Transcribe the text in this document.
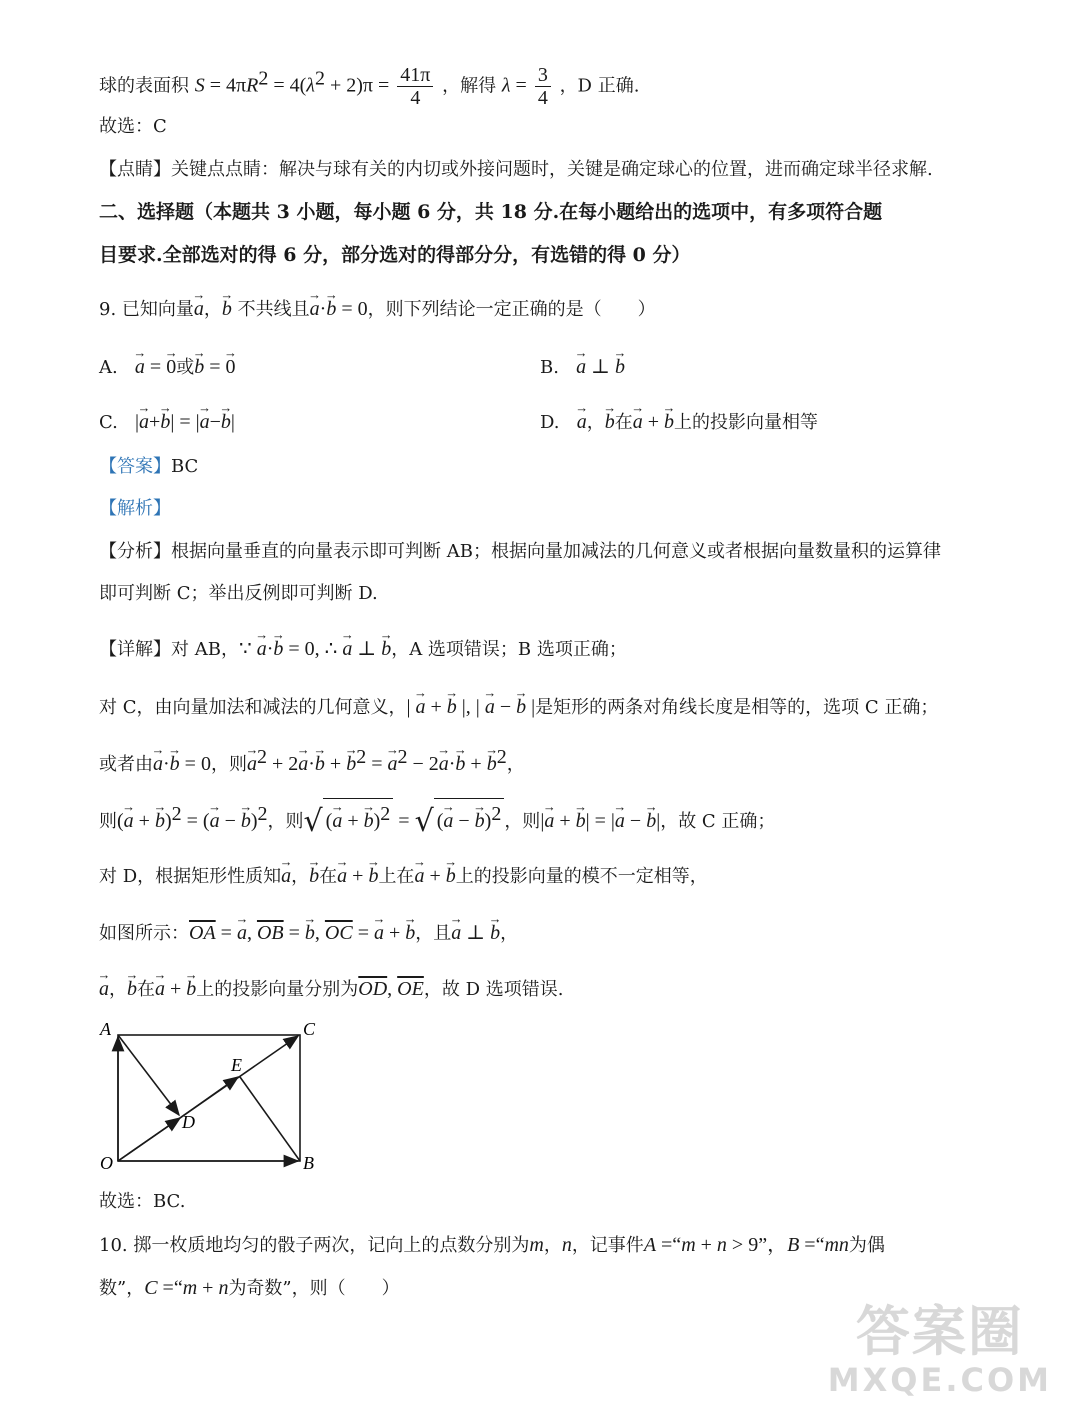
球的表面积 $S = 4\pi R^2 = 4(\lambda^2 + 2)\pi = \frac{41\pi}{4}$ ，解得 $\lambda = \frac{3}{4}$ ，D 正确.
故选：C
【点睛】关键点点睛：解决与球有关的内切或外接问题时，关键是确定球心的位置，进而确定球半径求解.
二、选择题（本题共 3 小题，每小题 6 分，共 18 分.在每小题给出的选项中，有多项符合题
目要求.全部选对的得 6 分，部分选对的得部分分，有选错的得 0 分）
9. 已知向量→ a，→ b 不共线且→ a·→ b = 0，则下列结论一定正确的是（　　）
A. → a = → 0或→ b = → 0	B. → a ⊥ → b
C. |→ a+→ b| = |→ a−→ b|	D. → a，→ b在→ a + → b上的投影向量相等
【答案】BC
【解析】
【分析】根据向量垂直的向量表示即可判断 AB；根据向量加减法的几何意义或者根据向量数量积的运算律
即可判断 C；举出反例即可判断 D.
【详解】对 AB，∵ → a·→ b = 0, ∴ → a ⊥ → b，A 选项错误；B 选项正确；
对 C，由向量加法和减法的几何意义，| → a + → b |, | → a − → b |是矩形的两条对角线长度是相等的，选项 C 正确；
或者由→ a·→ b = 0，则→ $a^2 + 2\to a\cdot\to b$ + → $b^2$ = → $a^2 - 2\to a\cdot\to b$ + → $b^2$，
则(→ a + → b)$^2$ = (→ a − → b)$^2$，则√ (→ a + → b)$^2$ = √ (→ a − → b)$^2$ ，则|→ a + → b| = |→ a − → b|，故 C 正确；
对 D，根据矩形性质知→ a，→ b在→ a + → b上在→ a + → b上的投影向量的模不一定相等，
如图所示：$\overline{OA}$ = → a, $\overline{OB}$ = → b, $\overline{OC}$ = → a + → b，且→ a ⊥ → b，
→ a，→ b在→ a + → b上的投影向量分别为$\overline{OD}$, $\overline{OE}$，故 D 选项错误.
A	C
E
D
O	B
故选：BC.
10. 掷一枚质地均匀的骰子两次，记向上的点数分别为m，n，记事件A =“m + n > 9”，B =“mn为偶
数”，C =“m + n为奇数”，则（　　）
答案圈
MXQE.COM
